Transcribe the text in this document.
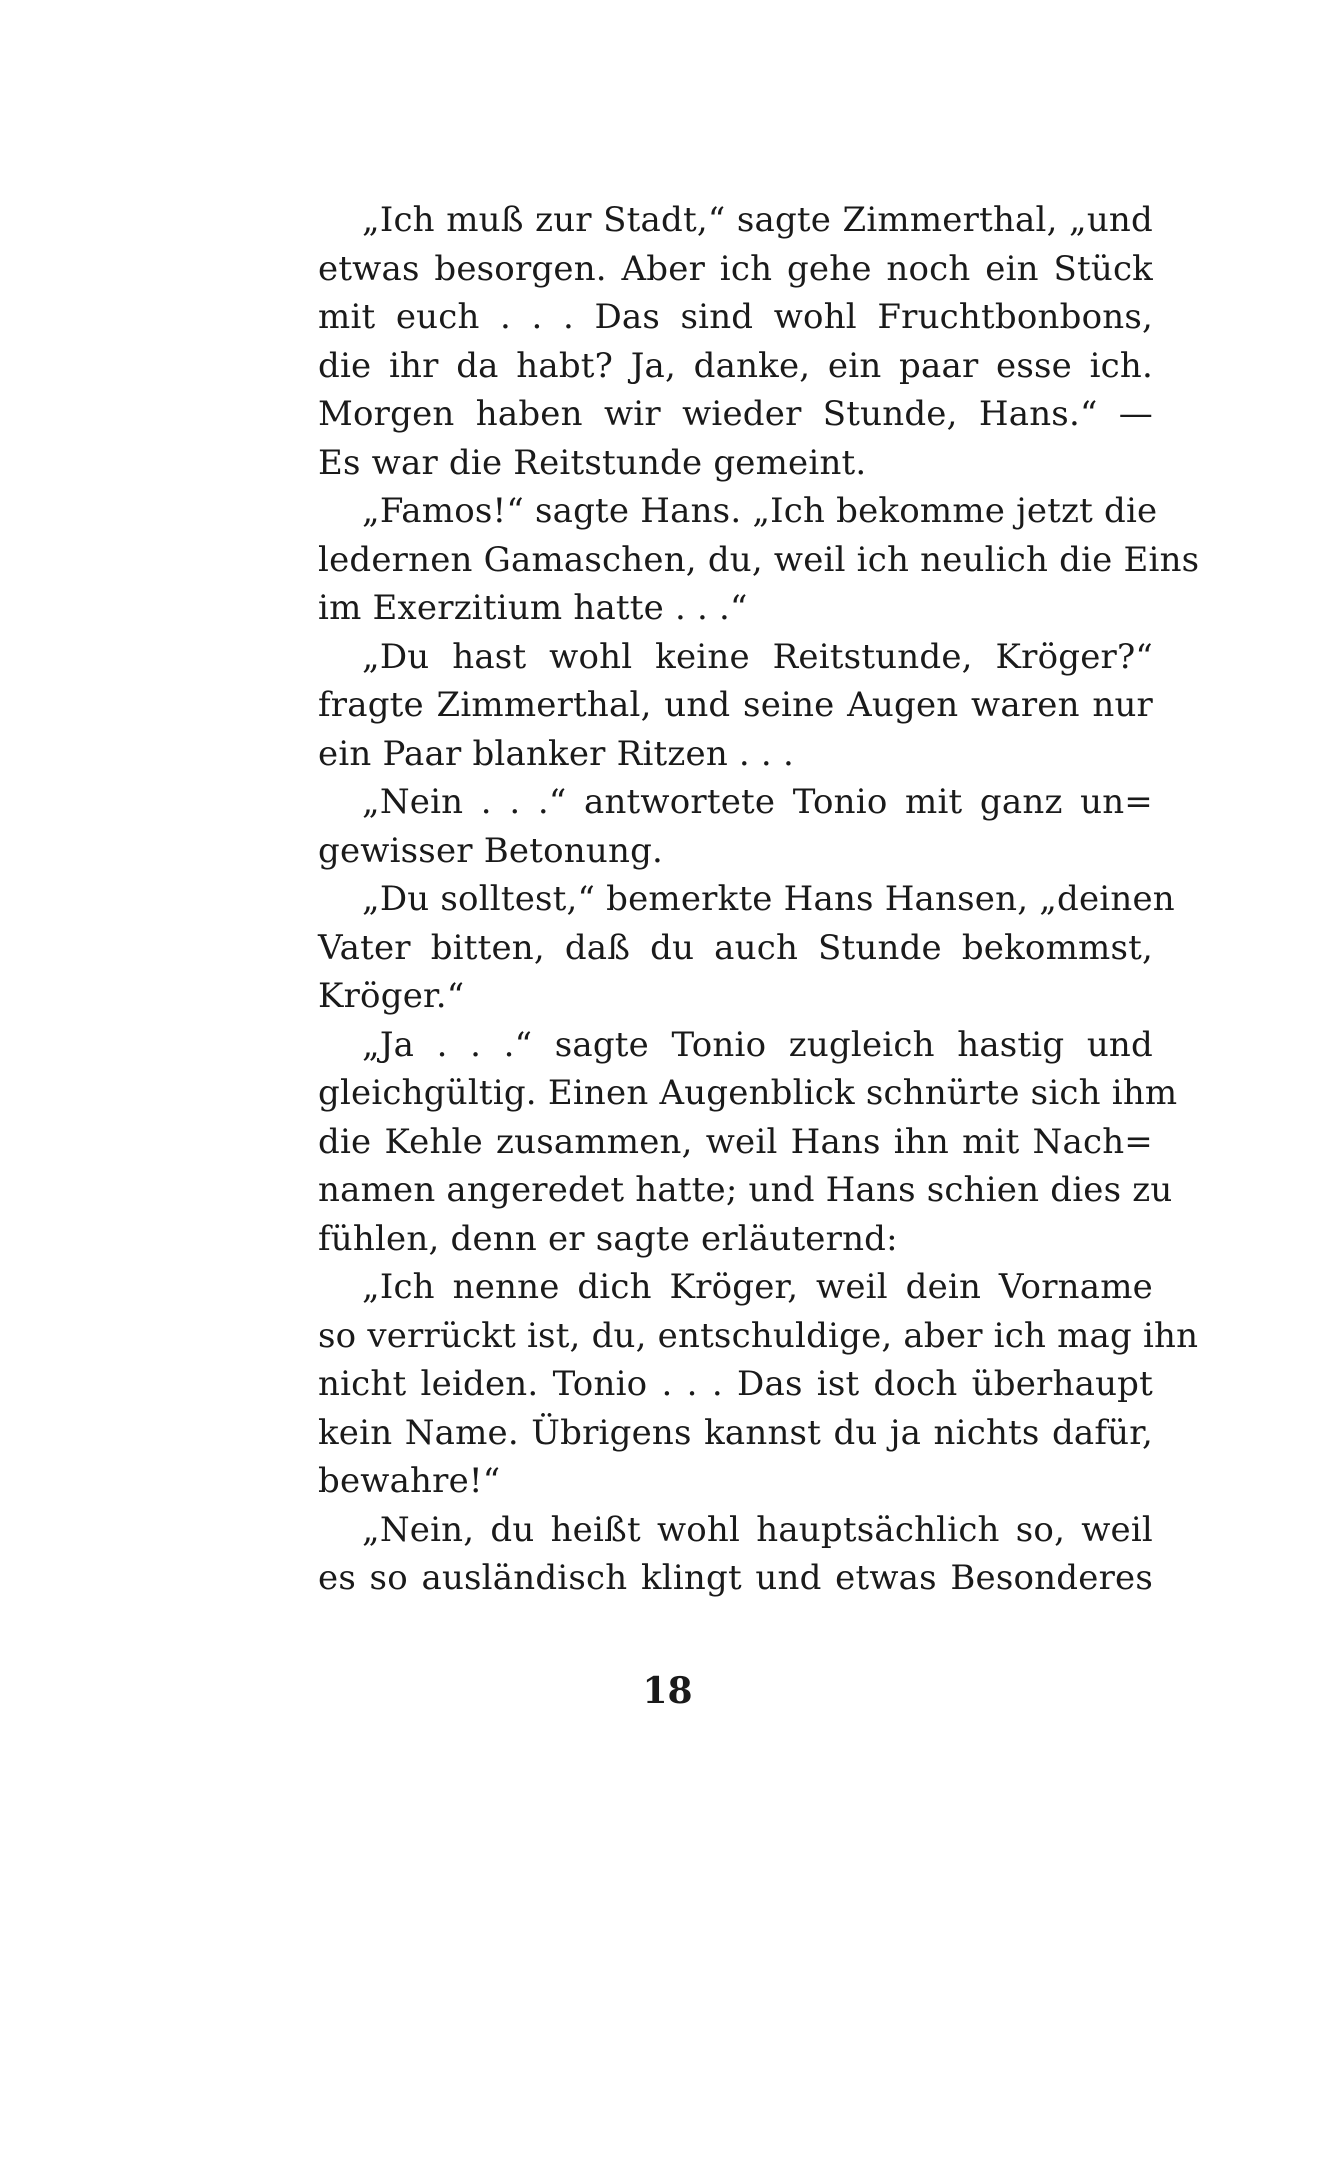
„Ich muß zur Stadt,“ sagte Zimmerthal, „und
etwas besorgen. Aber ich gehe noch ein Stück
mit euch . . . Das sind wohl Fruchtbonbons,
die ihr da habt? Ja, danke, ein paar esse ich.
Morgen haben wir wieder Stunde, Hans.“ —
Es war die Reitstunde gemeint.
„Famos!“ sagte Hans. „Ich bekomme jetzt die
ledernen Gamaschen, du, weil ich neulich die Eins
im Exerzitium hatte . . .“
„Du hast wohl keine Reitstunde, Kröger?“
fragte Zimmerthal, und seine Augen waren nur
ein Paar blanker Ritzen . . .
„Nein . . .“ antwortete Tonio mit ganz un=
gewisser Betonung.
„Du solltest,“ bemerkte Hans Hansen, „deinen
Vater bitten, daß du auch Stunde bekommst,
Kröger.“
„Ja . . .“ sagte Tonio zugleich hastig und
gleichgültig. Einen Augenblick schnürte sich ihm
die Kehle zusammen, weil Hans ihn mit Nach=
namen angeredet hatte; und Hans schien dies zu
fühlen, denn er sagte erläuternd:
„Ich nenne dich Kröger, weil dein Vorname
so verrückt ist, du, entschuldige, aber ich mag ihn
nicht leiden. Tonio . . . Das ist doch überhaupt
kein Name. Übrigens kannst du ja nichts dafür,
bewahre!“
„Nein, du heißt wohl hauptsächlich so, weil
es so ausländisch klingt und etwas Besonderes
18
